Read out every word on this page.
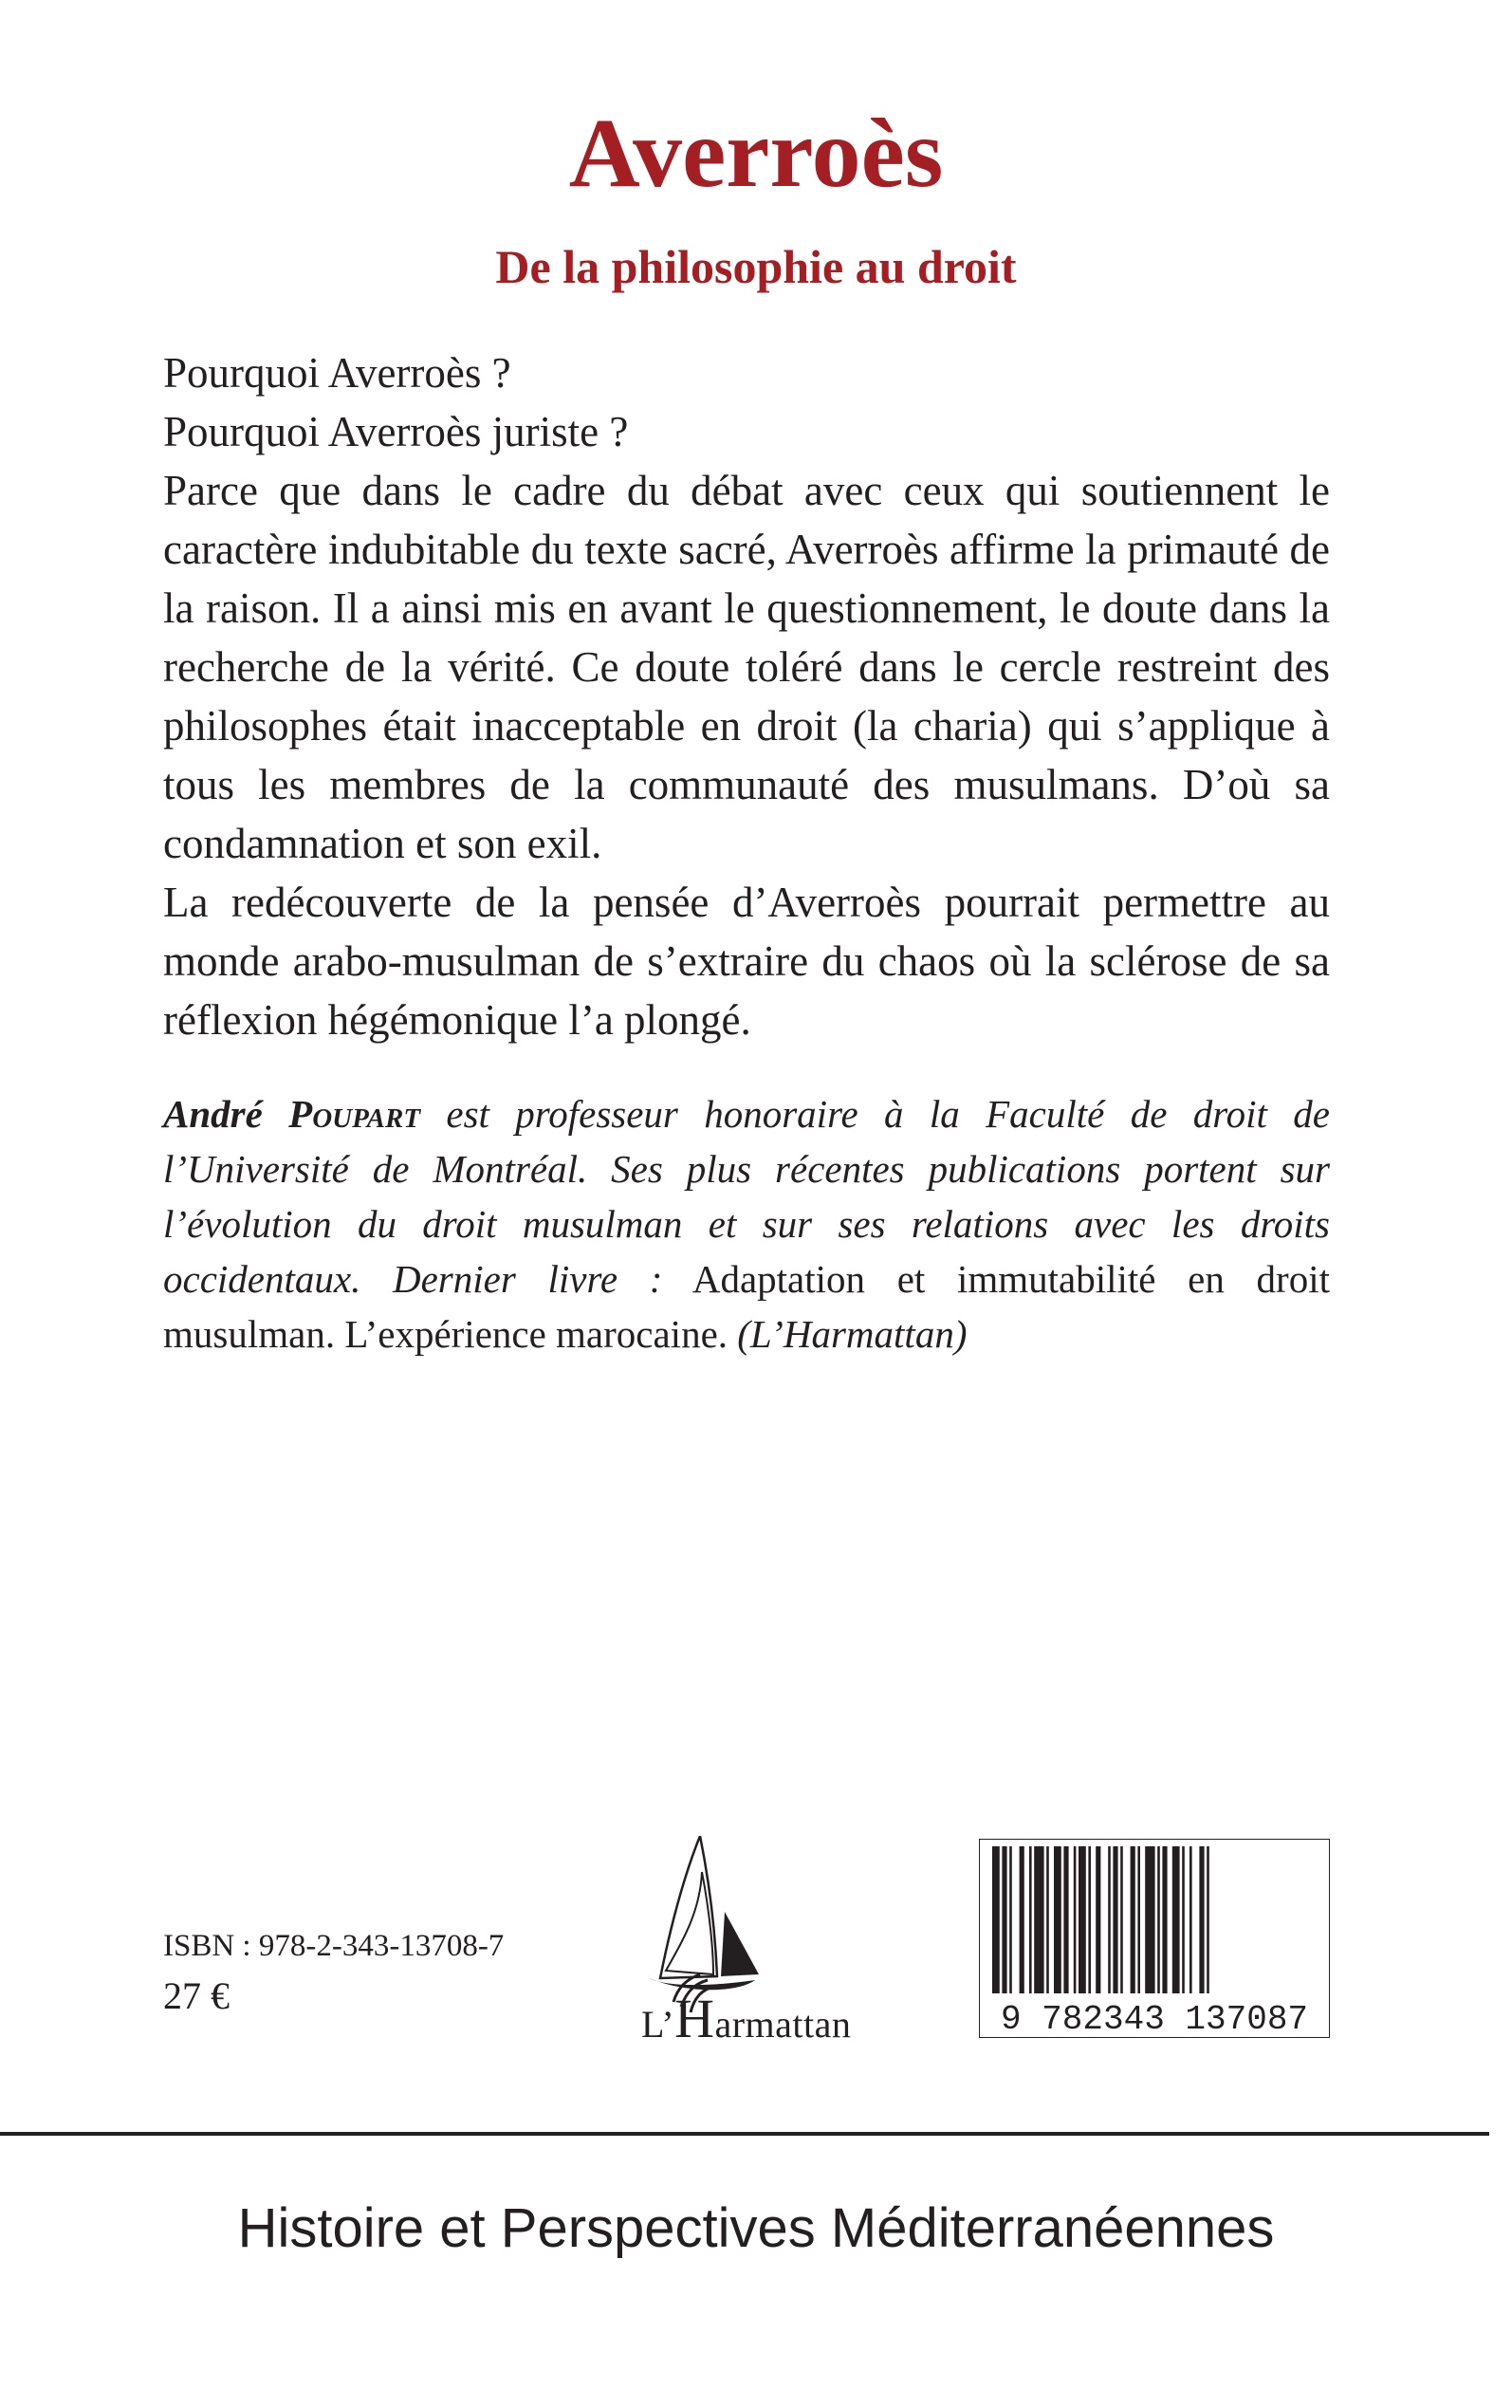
Averroès
De la philosophie au droit

Pourquoi Averroès ?

Pourquoi Averroès juriste ?

Parce que dans le cadre du débat avec ceux qui soutiennent le caractère indubitable du texte sacré, Averroès affirme la primauté de la raison. Il a ainsi mis en avant le questionnement, le doute dans la recherche de la vérité. Ce doute toléré dans le cercle restreint des philosophes était inacceptable en droit (la charia) qui s’applique à tous les membres de la communauté des musulmans. D’où sa condamnation et son exil.

La redécouverte de la pensée d’Averroès pourrait permettre au monde arabo-musulman de s’extraire du chaos où la sclérose de sa réflexion hégémonique l’a plongé.

André Poupart est professeur honoraire à la Faculté de droit de l’Université de Montréal. Ses plus récentes publications portent sur l’évolution du droit musulman et sur ses relations avec les droits occidentaux. Dernier livre : Adaptation et immutabilité en droit musulman. L’expérience marocaine. (L’Harmattan)
ISBN : 978-2-343-13708-7
27 €
L’Harmattan	9 782343 137087
Histoire et Perspectives Méditerranéennes
